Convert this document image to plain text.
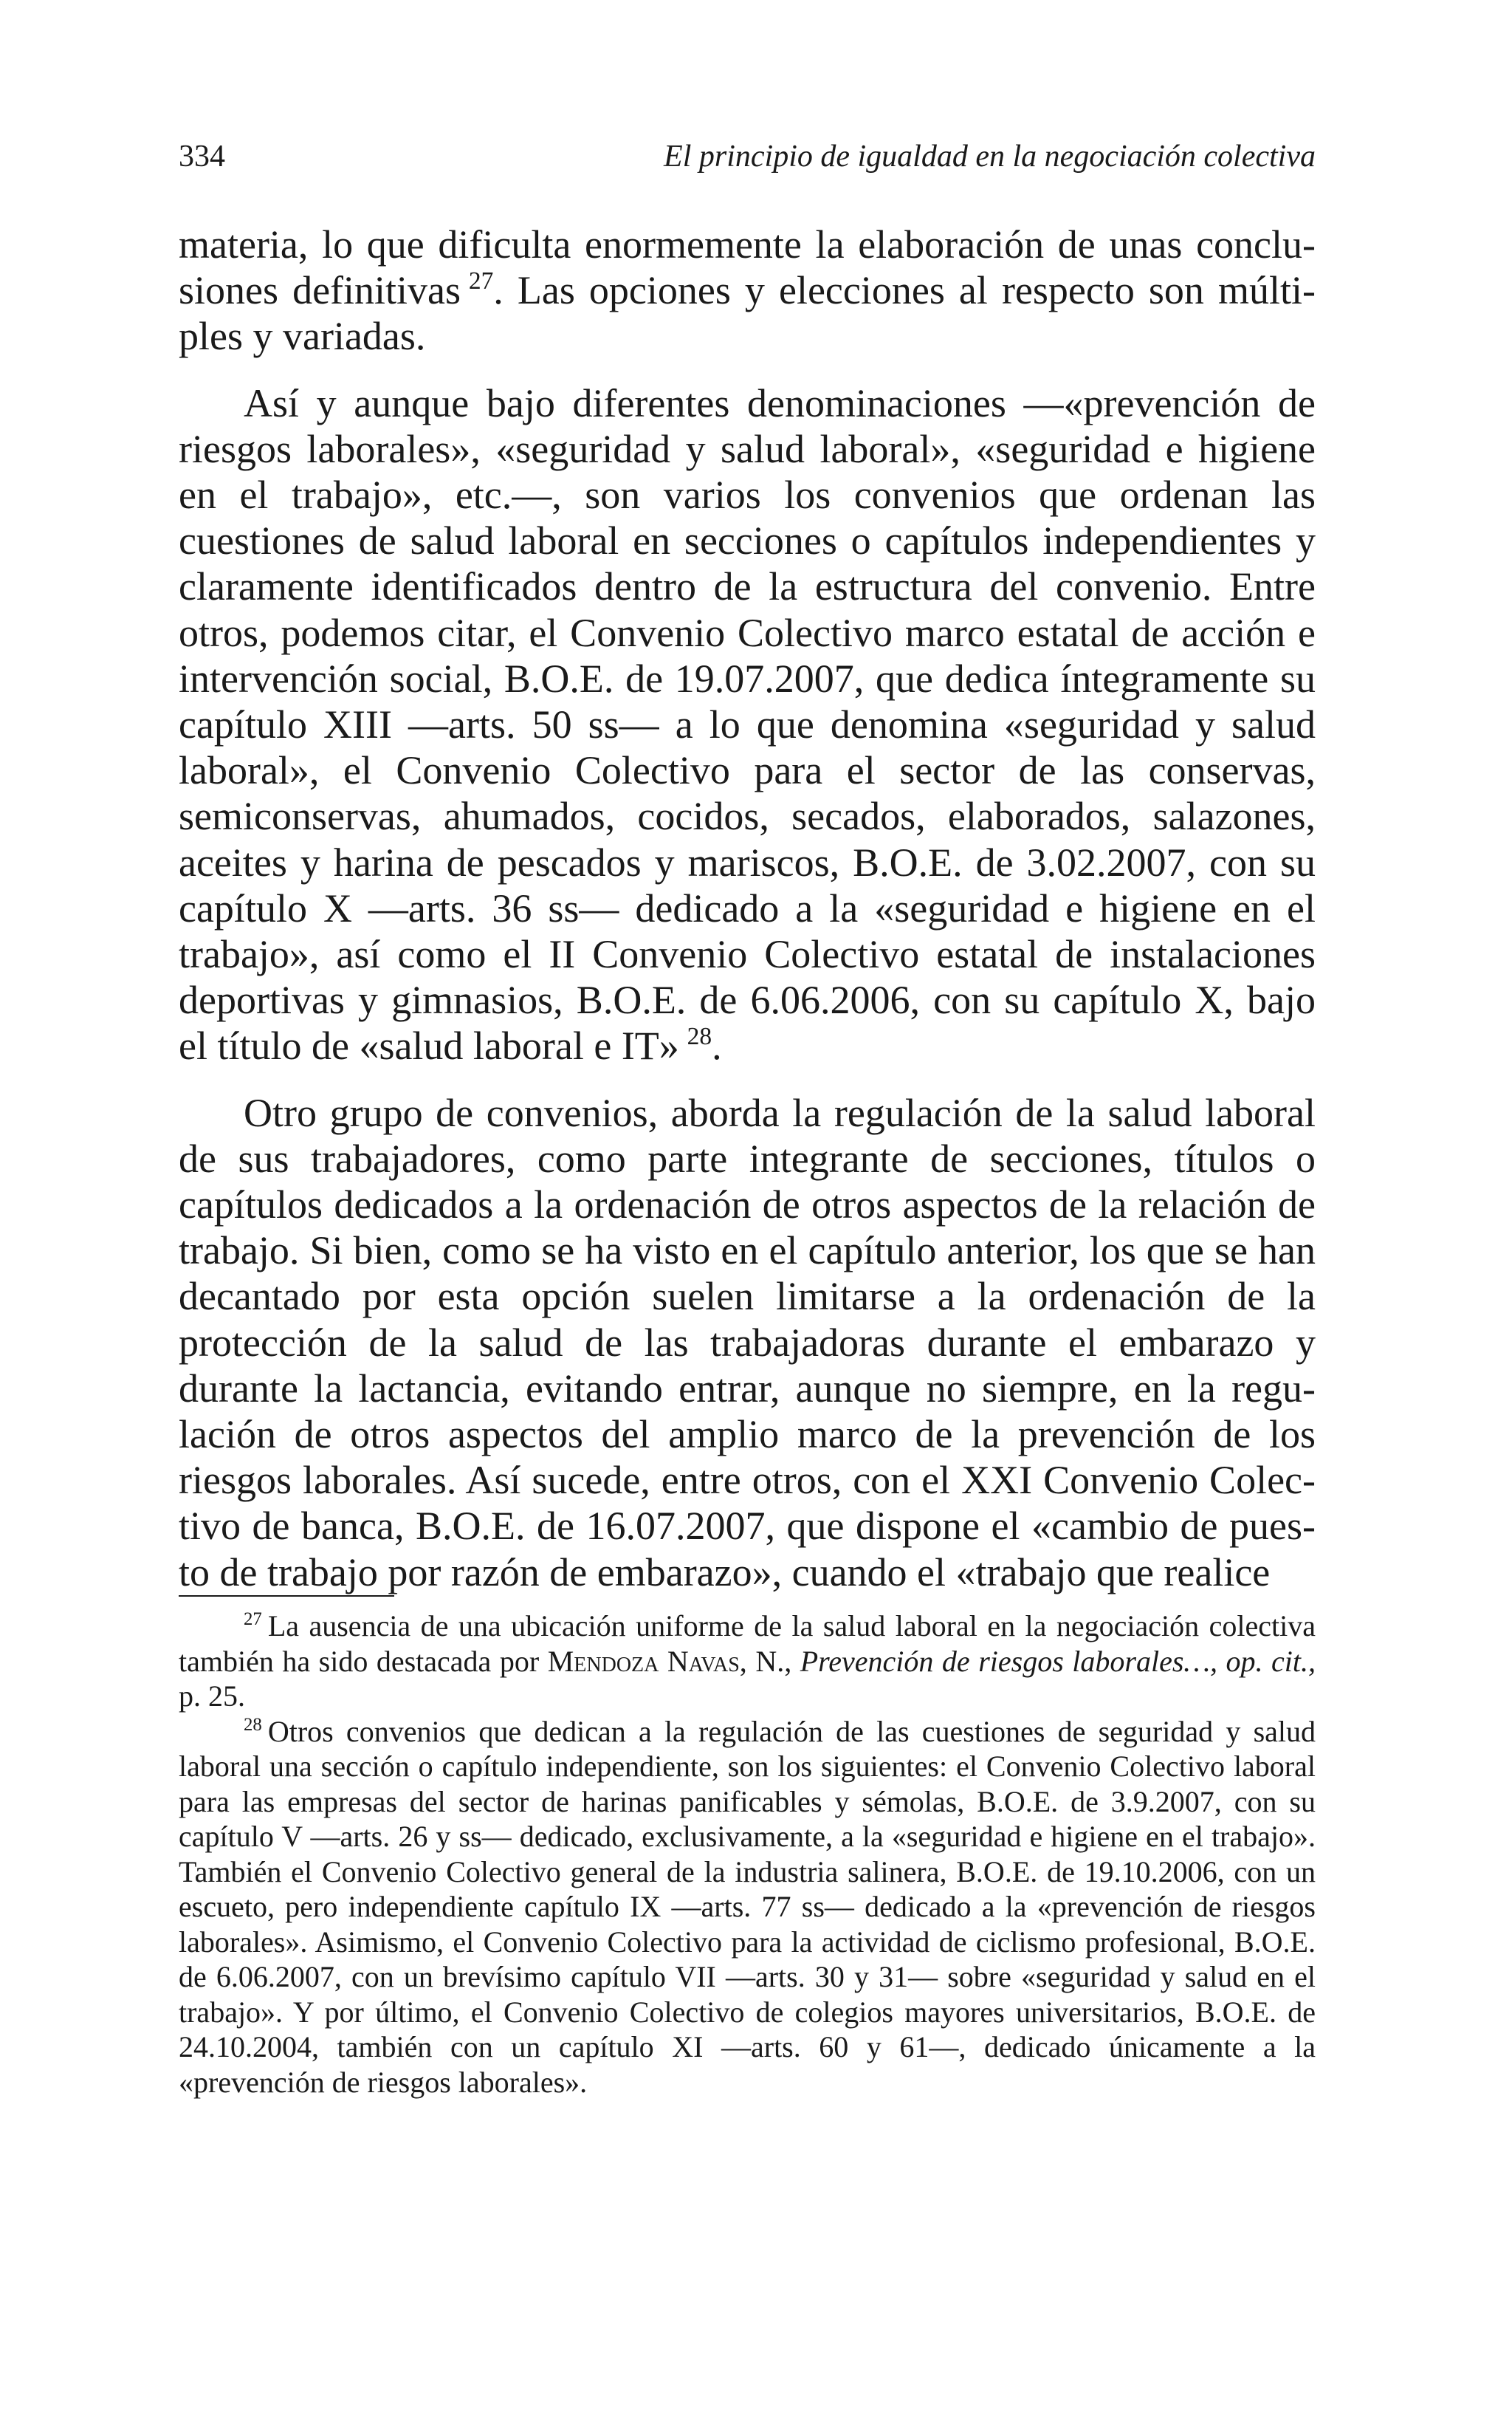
334	El principio de igualdad en la negociación colectiva

materia, lo que dificulta enormemente la elaboración de unas conclusiones definitivas  $^{27}$. Las opciones y elecciones al respecto son múltiples y variadas.

Así y aunque bajo diferentes denominaciones —«prevención de riesgos laborales», «seguridad y salud laboral», «seguridad e higiene en el trabajo», etc.—, son varios los convenios que ordenan las cuestiones de salud laboral en secciones o capítulos independientes y claramente identificados dentro de la estructura del convenio. Entre otros, podemos citar, el Convenio Colectivo marco estatal de acción e intervención social, B.O.E. de 19.07.2007, que dedica íntegramente su capítulo XIII —arts. 50 ss— a lo que denomina «seguridad y salud laboral», el Convenio Colectivo para el sector de las conservas, semiconservas, ahumados, cocidos, secados, elaborados, salazones, aceites y harina de pescados y mariscos, B.O.E. de 3.02.2007, con su capítulo X —arts. 36 ss— dedicado a la «seguridad e higiene en el trabajo», así como el II Convenio Colectivo estatal de instalaciones deportivas y gimnasios, B.O.E. de 6.06.2006, con su capítulo X, bajo el título de «salud laboral e IT»  $^{28}$.

Otro grupo de convenios, aborda la regulación de la salud laboral de sus trabajadores, como parte integrante de secciones, títulos o capítulos dedicados a la ordenación de otros aspectos de la relación de trabajo. Si bien, como se ha visto en el capítulo anterior, los que se han decantado por esta opción suelen limitarse a la ordenación de la protección de la salud de las trabajadoras durante el embarazo y durante la lactancia, evitando entrar, aunque no siempre, en la regulación de otros aspectos del amplio marco de la prevención de los riesgos laborales. Así sucede, entre otros, con el XXI Convenio Colectivo de banca, B.O.E. de 16.07.2007, que dispone el «cambio de puesto de trabajo por razón de embarazo», cuando el «trabajo que realice

$^{27}$  La ausencia de una ubicación uniforme de la salud laboral en la negociación colectiva también ha sido destacada por Mendoza Navas, N., Prevención de riesgos laborales…, op. cit., p. 25.

$^{28}$  Otros convenios que dedican a la regulación de las cuestiones de seguridad y salud laboral una sección o capítulo independiente, son los siguientes: el Convenio Colectivo laboral para las empresas del sector de harinas panificables y sémolas, B.O.E. de 3.9.2007, con su capítulo V —arts. 26 y ss— dedicado, exclusivamente, a la «seguridad e higiene en el trabajo». También el Convenio Colectivo general de la industria salinera, B.O.E. de 19.10.2006, con un escueto, pero independiente capítulo IX —arts. 77 ss— dedicado a la «prevención de riesgos laborales». Asimismo, el Convenio Colectivo para la actividad de ciclismo profesional, B.O.E. de 6.06.2007, con un brevísimo capítulo VII —arts. 30 y 31— sobre «seguridad y salud en el trabajo». Y por último, el Convenio Colectivo de colegios mayores universitarios, B.O.E. de 24.10.2004, también con un capítulo XI —arts. 60 y 61—, dedicado únicamente a la «prevención de riesgos laborales».
